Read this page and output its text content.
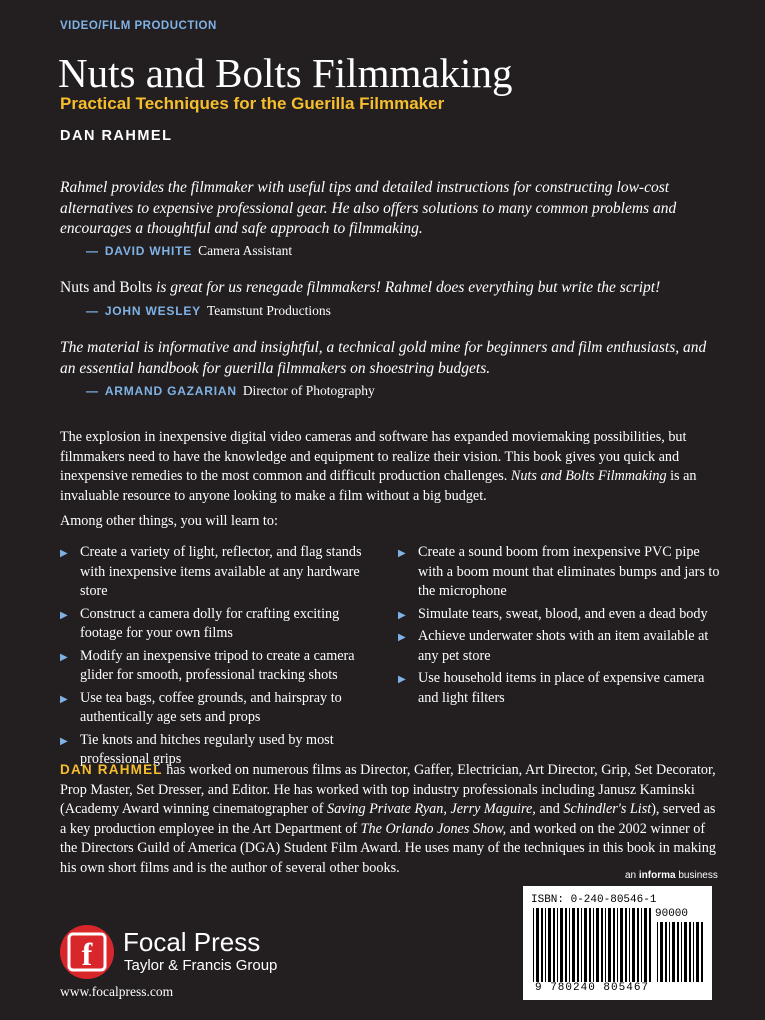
VIDEO/FILM PRODUCTION
Nuts and Bolts Filmmaking
Practical Techniques for the Guerilla Filmmaker
DAN RAHMEL
Rahmel provides the filmmaker with useful tips and detailed instructions for constructing low-cost alternatives to expensive professional gear. He also offers solutions to many common problems and encourages a thoughtful and safe approach to filmmaking.
— DAVID WHITE Camera Assistant
Nuts and Bolts is great for us renegade filmmakers! Rahmel does everything but write the script!
— JOHN WESLEY Teamstunt Productions
The material is informative and insightful, a technical gold mine for beginners and film enthusiasts, and an essential handbook for guerilla filmmakers on shoestring budgets.
— ARMAND GAZARIAN Director of Photography
The explosion in inexpensive digital video cameras and software has expanded moviemaking possibilities, but filmmakers need to have the knowledge and equipment to realize their vision. This book gives you quick and inexpensive remedies to the most common and difficult production challenges. Nuts and Bolts Filmmaking is an invaluable resource to anyone looking to make a film without a big budget.
Among other things, you will learn to:
▶ Create a variety of light, reflector, and flag stands with inexpensive items available at any hardware store
▶ Construct a camera dolly for crafting exciting footage for your own films
▶ Modify an inexpensive tripod to create a camera glider for smooth, professional tracking shots
▶ Use tea bags, coffee grounds, and hairspray to authentically age sets and props
▶ Tie knots and hitches regularly used by most professional grips
▶ Create a sound boom from inexpensive PVC pipe with a boom mount that eliminates bumps and jars to the microphone
▶ Simulate tears, sweat, blood, and even a dead body
▶ Achieve underwater shots with an item available at any pet store
▶ Use household items in place of expensive camera and light filters
DAN RAHMEL has worked on numerous films as Director, Gaffer, Electrician, Art Director, Grip, Set Decorator, Prop Master, Set Dresser, and Editor. He has worked with top industry professionals including Janusz Kaminski (Academy Award winning cinematographer of Saving Private Ryan, Jerry Maguire, and Schindler's List), served as a key production employee in the Art Department of The Orlando Jones Show, and worked on the 2002 winner of the Directors Guild of America (DGA) Student Film Award. He uses many of the techniques in this book in making his own short films and is the author of several other books.	an informa business
f Focal Press
Taylor & Francis Group
www.focalpress.com
ISBN: 0-240-80546-1
90000
9 780240 805467
